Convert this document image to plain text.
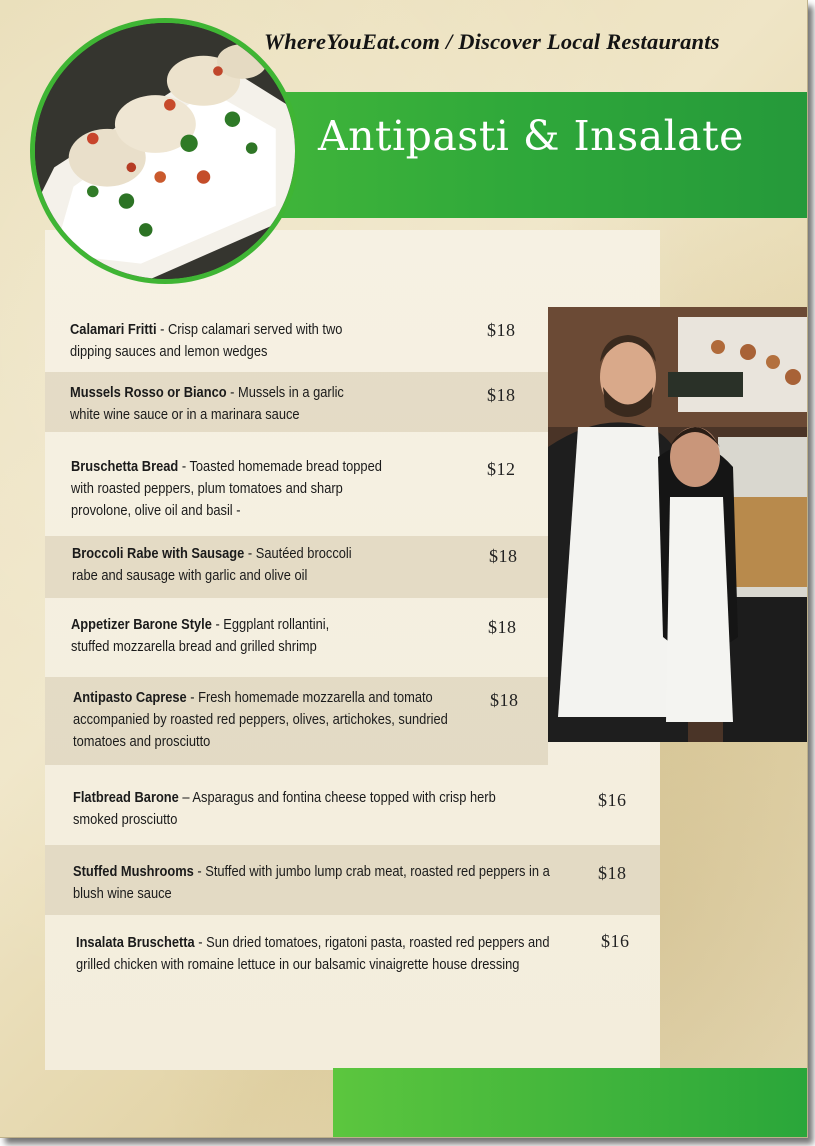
WhereYouEat.com / Discover Local Restaurants
Antipasti & Insalate
Calamari Fritti - Crisp calamari served with two dipping sauces and lemon wedges
$18
Mussels Rosso or Bianco - Mussels in a garlic white wine sauce or in a marinara sauce
$18
Bruschetta Bread - Toasted homemade bread topped with roasted peppers, plum tomatoes and sharp provolone, olive oil and basil -
$12
Broccoli Rabe with Sausage - Sautéed broccoli rabe and sausage with garlic and olive oil
$18
Appetizer Barone Style - Eggplant rollantini, stuffed mozzarella bread and grilled shrimp
$18
Antipasto Caprese - Fresh homemade mozzarella and tomato accompanied by roasted red peppers, olives, artichokes, sundried tomatoes and prosciutto
$18
Flatbread Barone – Asparagus and fontina cheese topped with crisp herb smoked prosciutto
$16
Stuffed Mushrooms - Stuffed with jumbo lump crab meat, roasted red peppers in a blush wine sauce
$18
Insalata Bruschetta - Sun dried tomatoes, rigatoni pasta, roasted red peppers and grilled chicken with romaine lettuce in our balsamic vinaigrette house dressing
$16
